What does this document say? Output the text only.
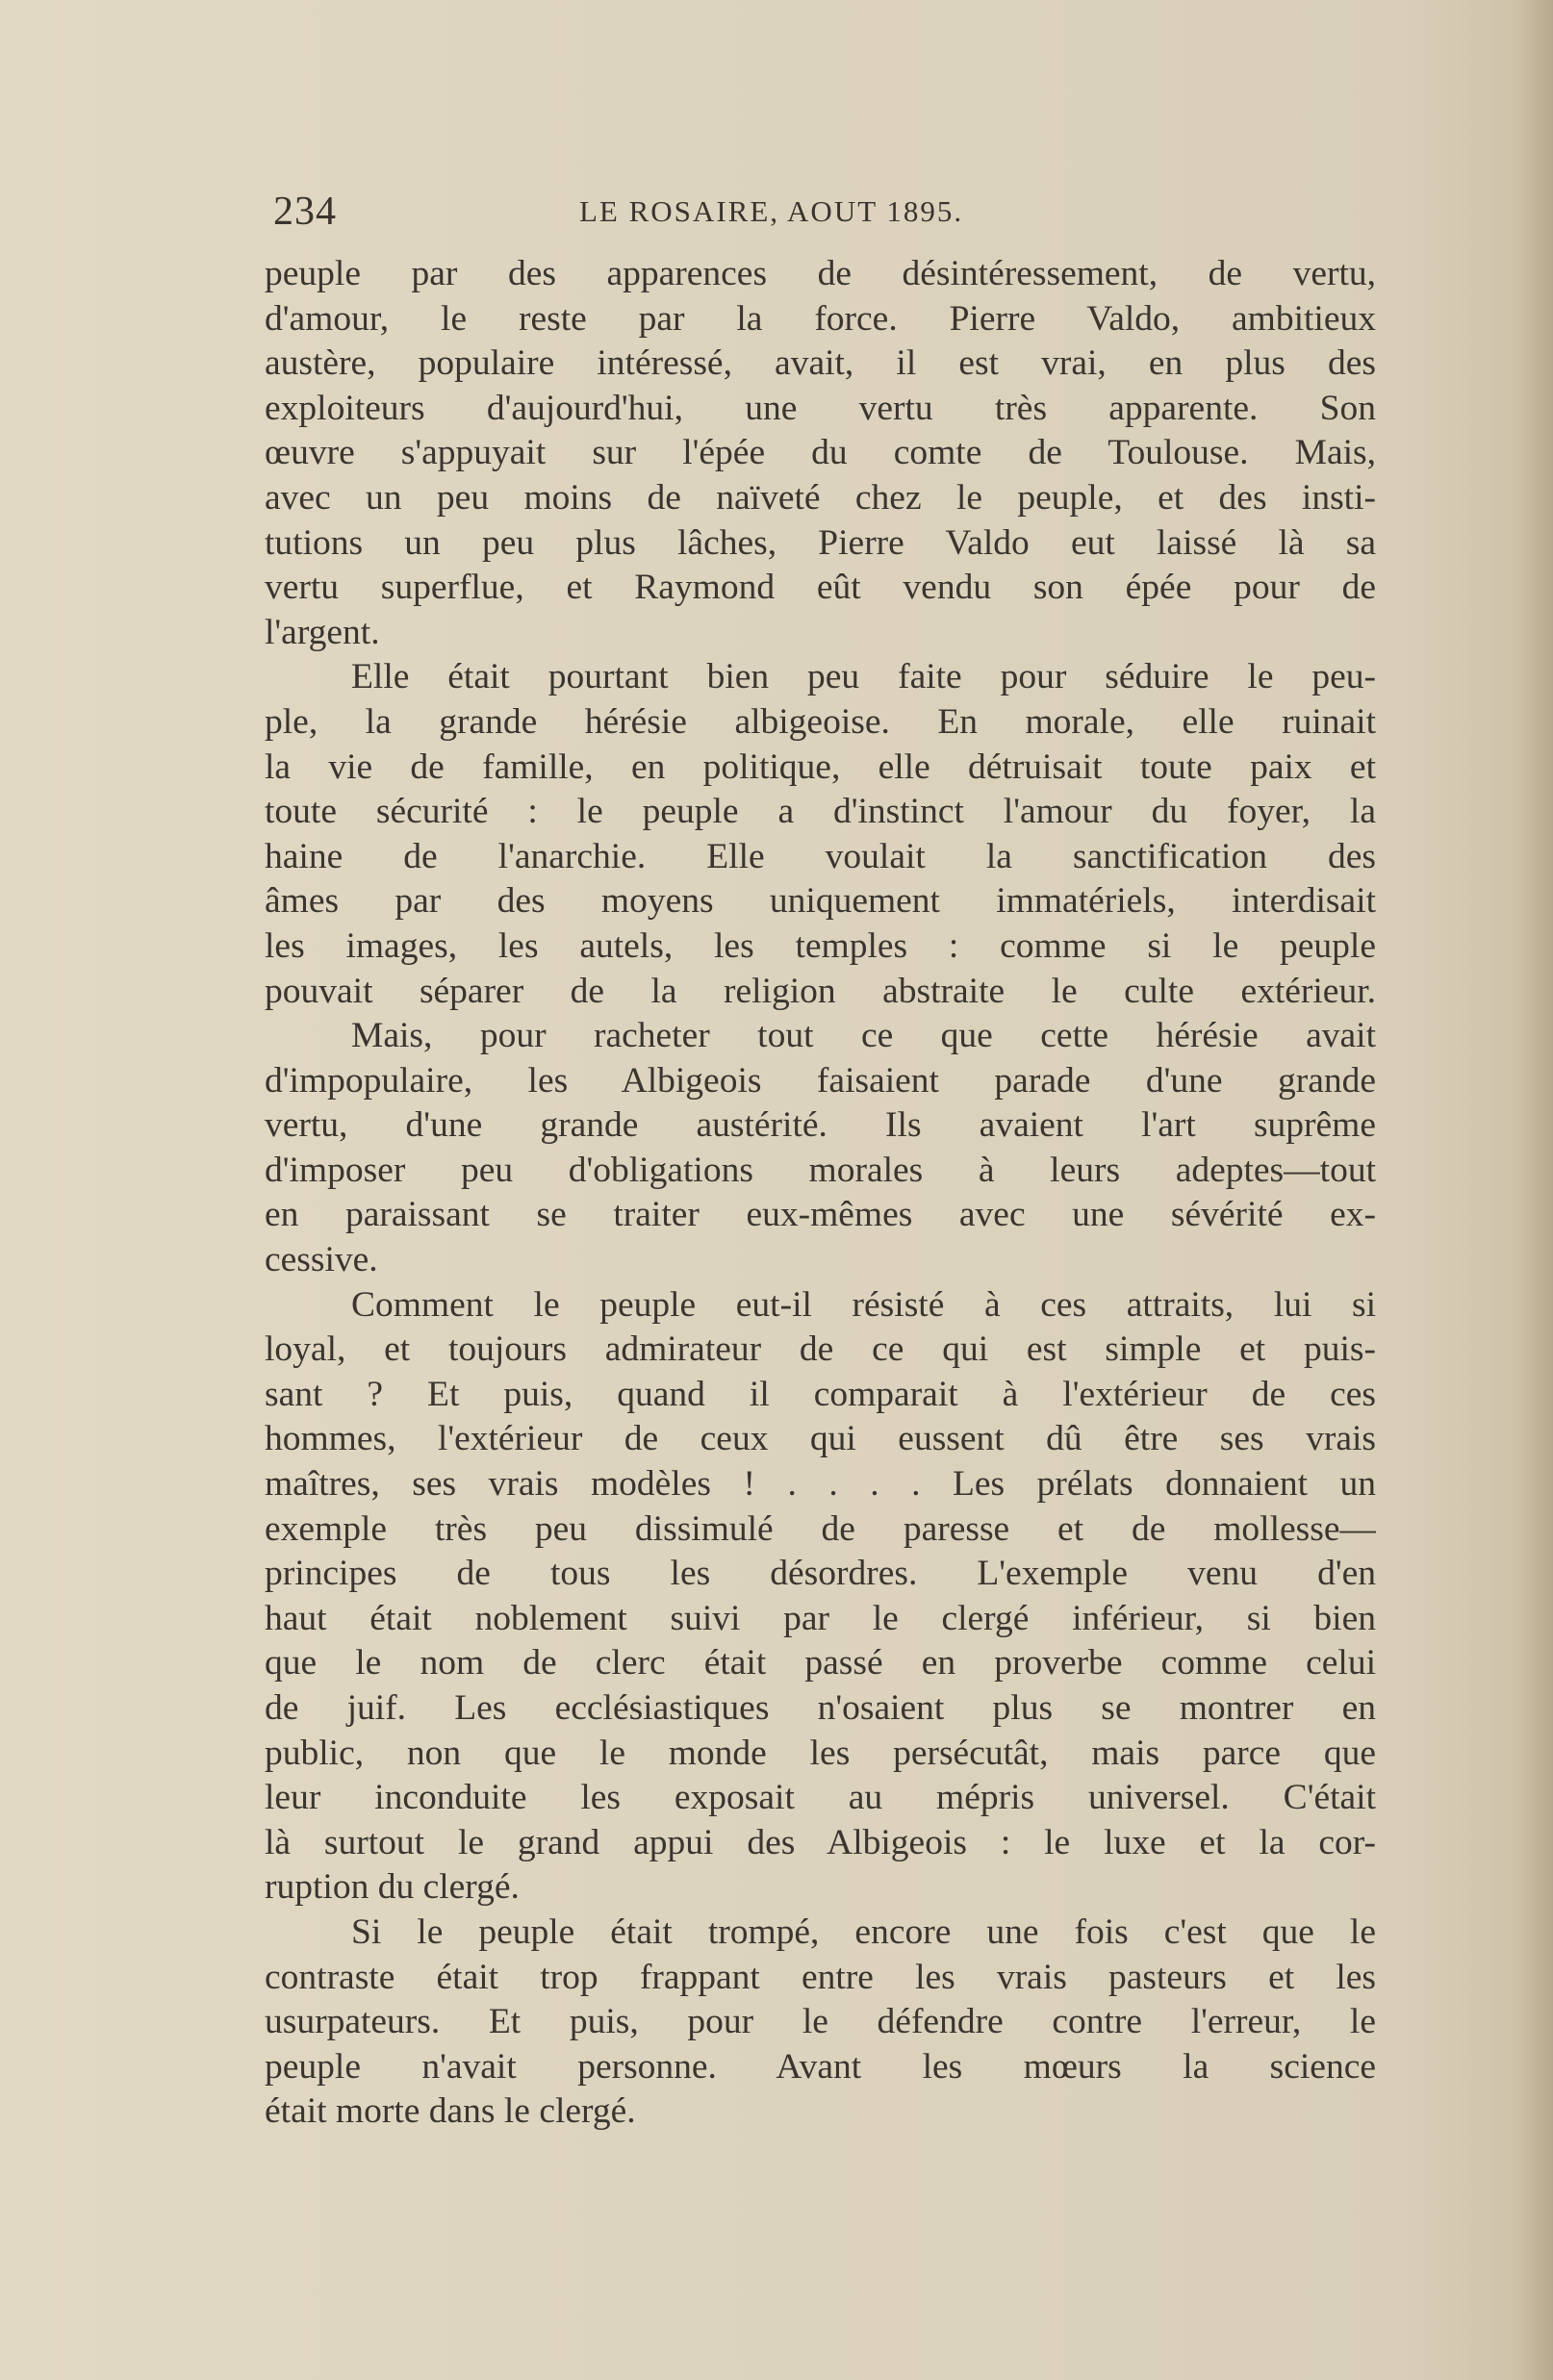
234	LE ROSAIRE, AOUT 1895.
peuple par des apparences de désintéressement, de vertu,
d'amour, le reste par la force. Pierre Valdo, ambitieux
austère, populaire intéressé, avait, il est vrai, en plus des
exploiteurs d'aujourd'hui, une vertu très apparente. Son
œuvre s'appuyait sur l'épée du comte de Toulouse. Mais,
avec un peu moins de naïveté chez le peuple, et des insti-
tutions un peu plus lâches, Pierre Valdo eut laissé là sa
vertu superflue, et Raymond eût vendu son épée pour de
l'argent.
Elle était pourtant bien peu faite pour séduire le peu-
ple, la grande hérésie albigeoise. En morale, elle ruinait
la vie de famille, en politique, elle détruisait toute paix et
toute sécurité : le peuple a d'instinct l'amour du foyer, la
haine de l'anarchie. Elle voulait la sanctification des
âmes par des moyens uniquement immatériels, interdisait
les images, les autels, les temples : comme si le peuple
pouvait séparer de la religion abstraite le culte extérieur.
Mais, pour racheter tout ce que cette hérésie avait
d'impopulaire, les Albigeois faisaient parade d'une grande
vertu, d'une grande austérité. Ils avaient l'art suprême
d'imposer peu d'obligations morales à leurs adeptes—tout
en paraissant se traiter eux-mêmes avec une sévérité ex-
cessive.
Comment le peuple eut-il résisté à ces attraits, lui si
loyal, et toujours admirateur de ce qui est simple et puis-
sant ? Et puis, quand il comparait à l'extérieur de ces
hommes, l'extérieur de ceux qui eussent dû être ses vrais
maîtres, ses vrais modèles ! . . . . Les prélats donnaient un
exemple très peu dissimulé de paresse et de mollesse—
principes de tous les désordres. L'exemple venu d'en
haut était noblement suivi par le clergé inférieur, si bien
que le nom de clerc était passé en proverbe comme celui
de juif. Les ecclésiastiques n'osaient plus se montrer en
public, non que le monde les persécutât, mais parce que
leur inconduite les exposait au mépris universel. C'était
là surtout le grand appui des Albigeois : le luxe et la cor-
ruption du clergé.
Si le peuple était trompé, encore une fois c'est que le
contraste était trop frappant entre les vrais pasteurs et les
usurpateurs. Et puis, pour le défendre contre l'erreur, le
peuple n'avait personne. Avant les mœurs la science
était morte dans le clergé.
